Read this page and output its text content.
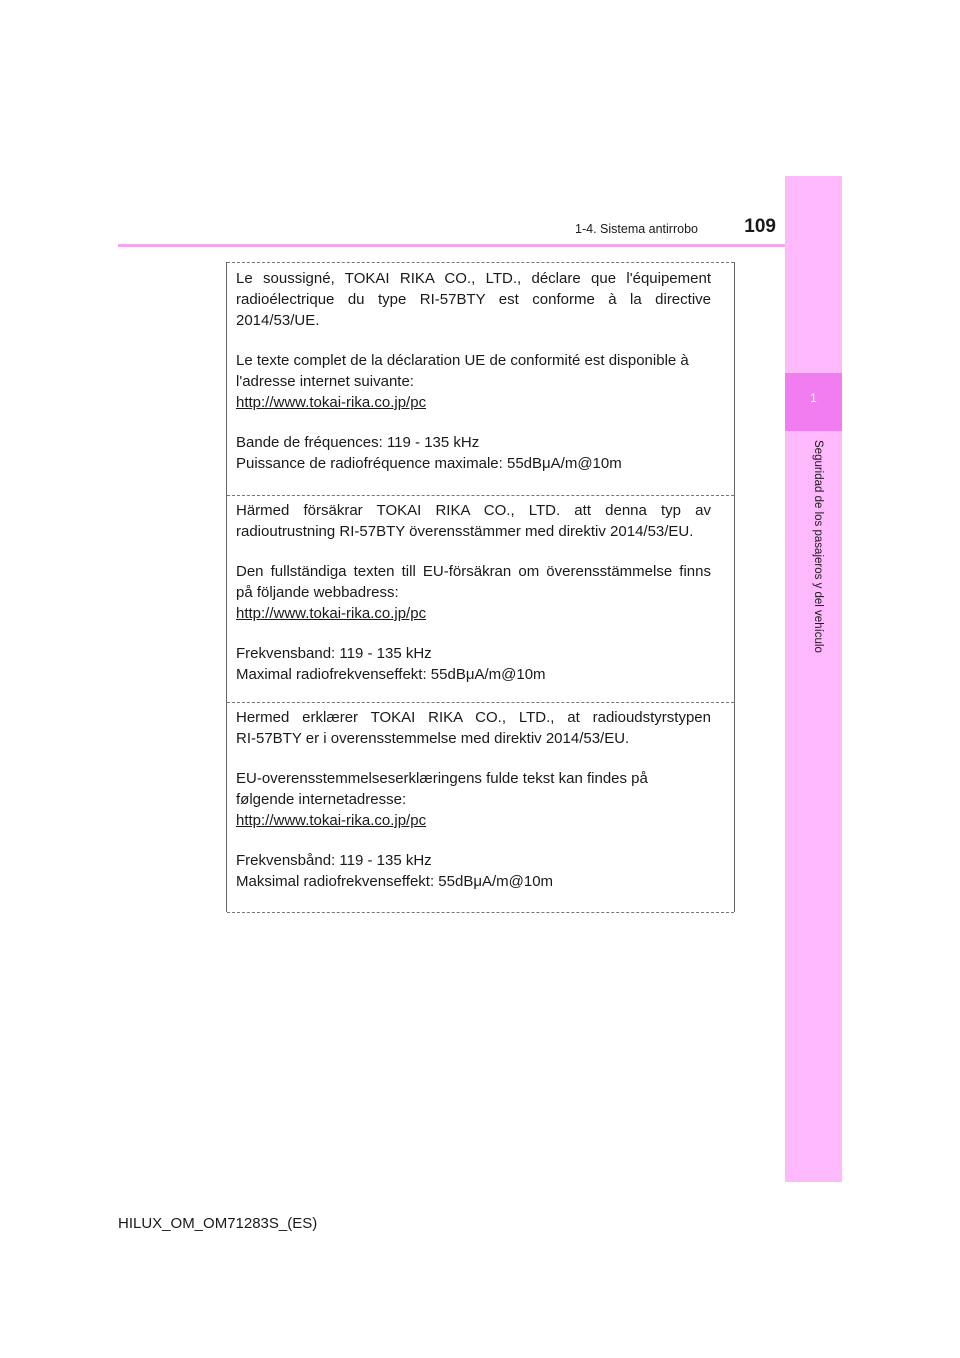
1-4. Sistema antirrobo	109
1
Seguridad de los pasajeros y del vehículo

Le soussigné, TOKAI RIKA CO., LTD., déclare que l'équipement

radioélectrique du type RI-57BTY est conforme à la directive

2014/53/UE.

Le texte complet de la déclaration UE de conformité est disponible à

l'adresse internet suivante:

http://www.tokai-rika.co.jp/pc

Bande de fréquences: 119 - 135 kHz

Puissance de radiofréquence maximale: 55dBμA/m@10m

Härmed försäkrar TOKAI RIKA CO., LTD. att denna typ av

radioutrustning RI-57BTY överensstämmer med direktiv 2014/53/EU.

Den fullständiga texten till EU-försäkran om överensstämmelse finns

på följande webbadress:

http://www.tokai-rika.co.jp/pc

Frekvensband: 119 - 135 kHz

Maximal radiofrekvenseffekt: 55dBμA/m@10m

Hermed erklærer TOKAI RIKA CO., LTD., at radioudstyrstypen

RI-57BTY er i overensstemmelse med direktiv 2014/53/EU.

EU-overensstemmelseserklæringens fulde tekst kan findes på

følgende internetadresse:

http://www.tokai-rika.co.jp/pc

Frekvensbånd: 119 - 135 kHz

Maksimal radiofrekvenseffekt: 55dBμA/m@10m

HILUX_OM_OM71283S_(ES)
